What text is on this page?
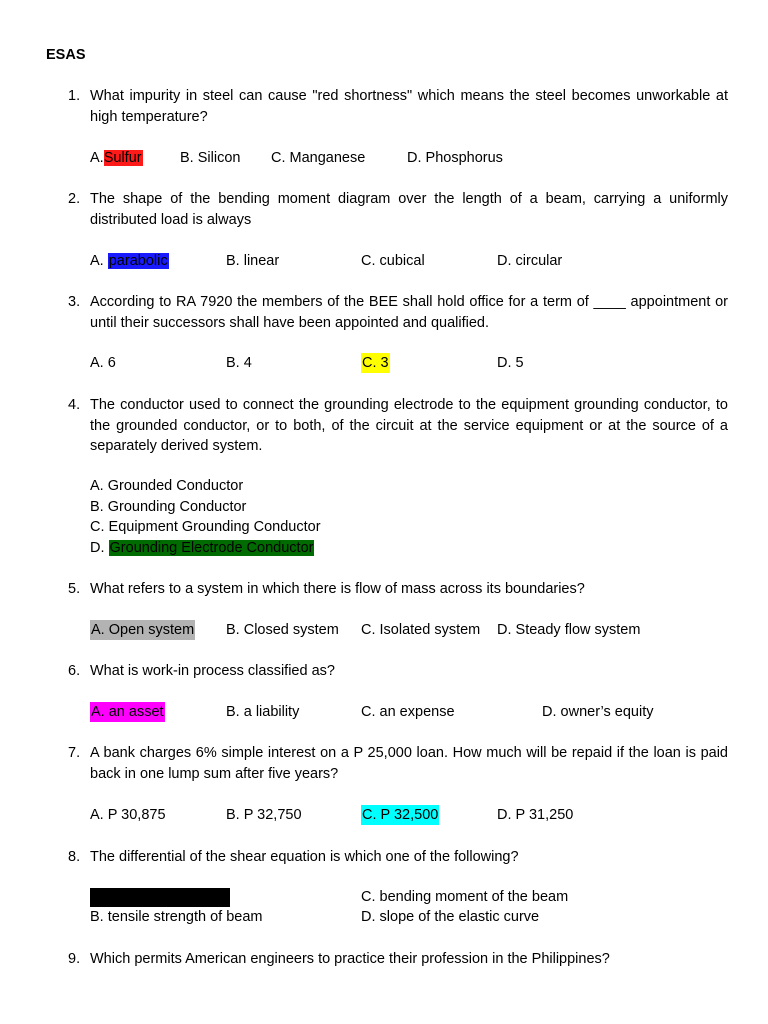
ESAS
1. What impurity in steel can cause "red shortness" which means the steel becomes unworkable at high temperature?
A.Sulfur	B. Silicon C. Manganese	D. Phosphorus
2. The shape of the bending moment diagram over the length of a beam, carrying a uniformly distributed load is always
A. parabolic	B. linear	C. cubical	D. circular
3. According to RA 7920 the members of the BEE shall hold office for a term of ____ appointment or until their successors shall have been appointed and qualified.
A. 6	B. 4	C. 3	D. 5
4. The conductor used to connect the grounding electrode to the equipment grounding conductor, to the grounded conductor, or to both, of the circuit at the service equipment or at the source of a separately derived system.
A. Grounded Conductor
B. Grounding Conductor
C. Equipment Grounding Conductor
D. Grounding Electrode Conductor
5. What refers to a system in which there is flow of mass across its boundaries?
A. Open system B. Closed system C. Isolated system D. Steady flow system
6. What is work-in process classified as?
A. an asset	B. a liability	C. an expense	D. owner’s equity
7. A bank charges 6% simple interest on a P 25,000 loan. How much will be repaid if the loan is paid back in one lump sum after five years?
A. P 30,875	B. P 32,750	C. P 32,500	D. P 31,250
8. The differential of the shear equation is which one of the following?
C. bending moment of the beam
B. tensile strength of beam	D. slope of the elastic curve
9. Which permits American engineers to practice their profession in the Philippines?
